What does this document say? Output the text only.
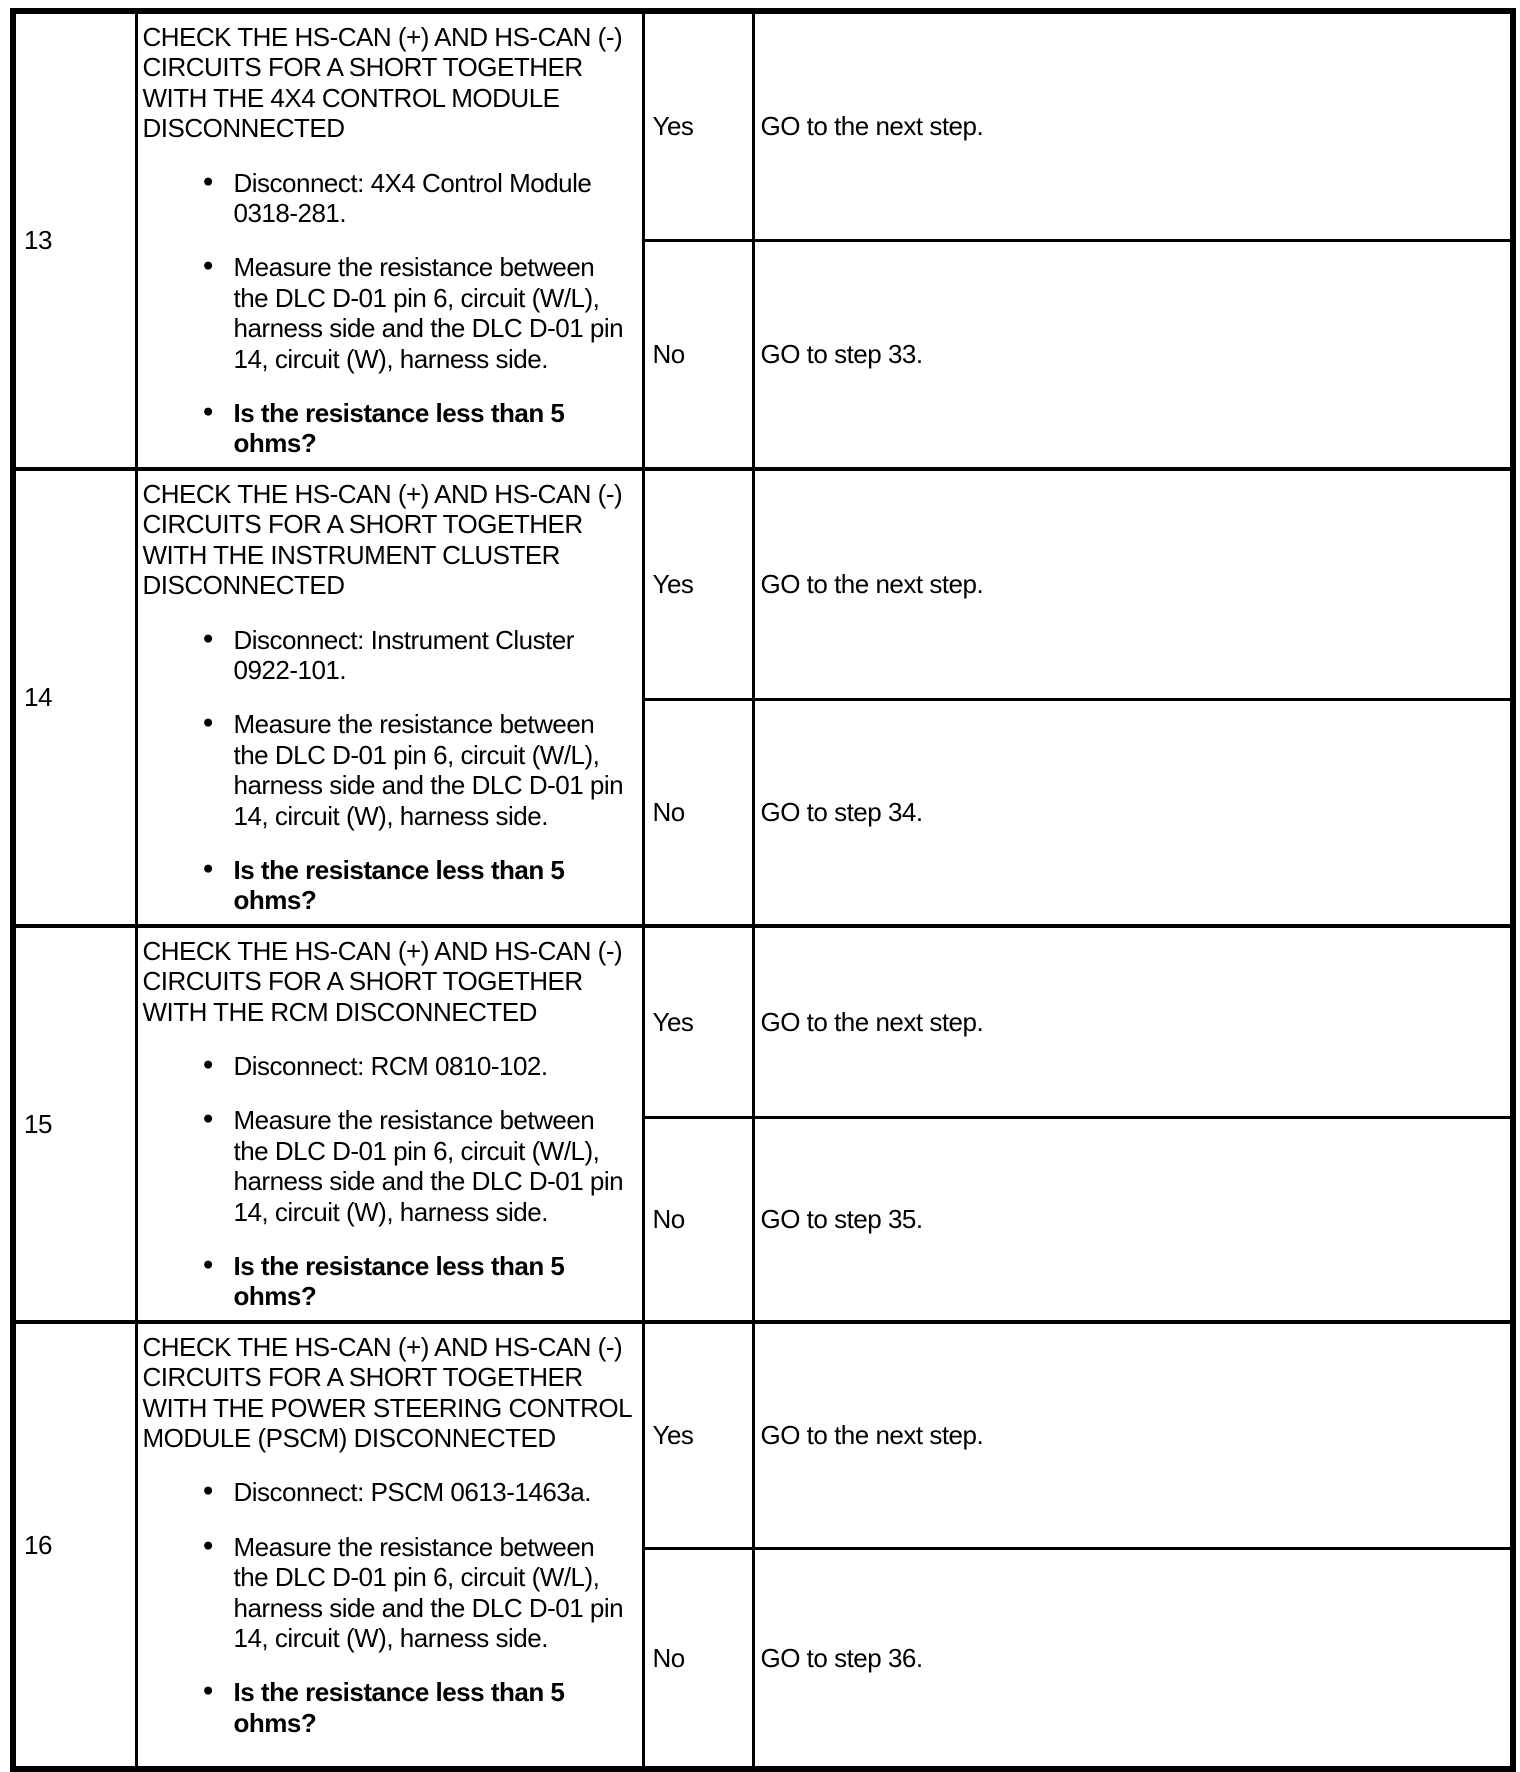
13	
CHECK THE HS-CAN (+) AND HS-CAN (-) CIRCUITS FOR A SHORT TOGETHER WITH THE 4X4 CONTROL MODULE DISCONNECTED
● Disconnect: 4X4 Control Module 0318-281.
● Measure the resistance between the DLC D-01 pin 6, circuit (W/L), harness side and the DLC D-01 pin 14, circuit (W), harness side.
● Is the resistance less than 5 ohms?
	Yes	GO to the next step.
		No	GO to step 33.
14	
CHECK THE HS-CAN (+) AND HS-CAN (-) CIRCUITS FOR A SHORT TOGETHER WITH THE INSTRUMENT CLUSTER DISCONNECTED
● Disconnect: Instrument Cluster 0922-101.
● Measure the resistance between the DLC D-01 pin 6, circuit (W/L), harness side and the DLC D-01 pin 14, circuit (W), harness side.
● Is the resistance less than 5 ohms?
	Yes	GO to the next step.
		No	GO to step 34.
15	
CHECK THE HS-CAN (+) AND HS-CAN (-) CIRCUITS FOR A SHORT TOGETHER WITH THE RCM DISCONNECTED
● Disconnect: RCM 0810-102.
● Measure the resistance between the DLC D-01 pin 6, circuit (W/L), harness side and the DLC D-01 pin 14, circuit (W), harness side.
● Is the resistance less than 5 ohms?
	Yes	GO to the next step.
		No	GO to step 35.
16	
CHECK THE HS-CAN (+) AND HS-CAN (-) CIRCUITS FOR A SHORT TOGETHER WITH THE POWER STEERING CONTROL MODULE (PSCM) DISCONNECTED
● Disconnect: PSCM 0613-1463a.
● Measure the resistance between the DLC D-01 pin 6, circuit (W/L), harness side and the DLC D-01 pin 14, circuit (W), harness side.
● Is the resistance less than 5 ohms?
	Yes	GO to the next step.
		No	GO to step 36.
